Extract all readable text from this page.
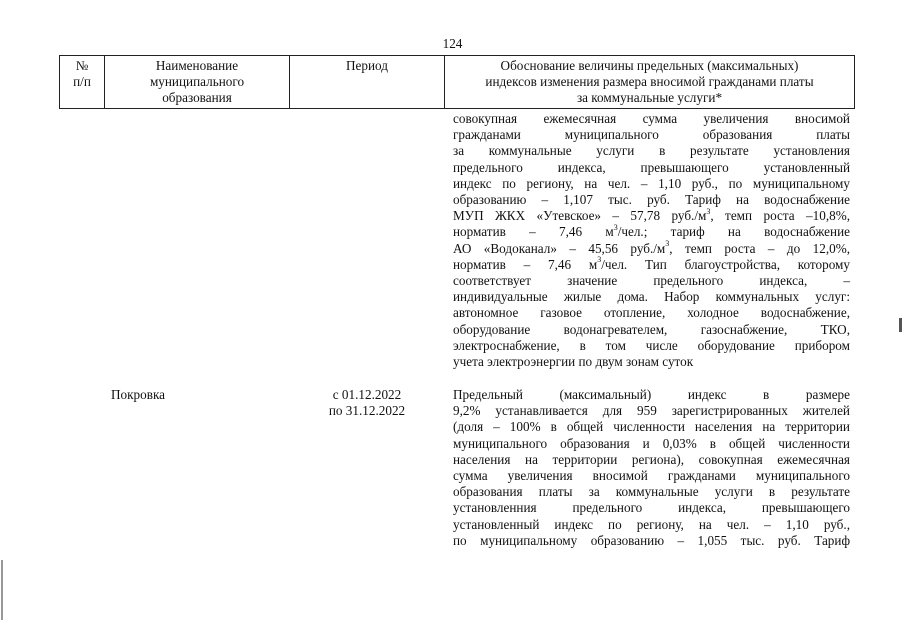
124
№
п/п
Наименование
муниципального
образования
Период	Обоснование величины предельных (максимальных)
индексов изменения размера вносимой гражданами платы
за коммунальные услуги*
совокупная ежемесячная сумма увеличения вносимой
гражданами муниципального образования платы
за коммунальные услуги в результате установления
предельного индекса, превышающего установленный
индекс по региону, на чел. – 1,10 руб., по муниципальному
образованию – 1,107 тыс. руб. Тариф на водоснабжение
МУП ЖКХ «Утевское» – 57,78 $руб./м^3$, темп роста –10,8%,
норматив – 7,46 $м^3$/чел.; тариф на водоснабжение
АО «Водоканал» – 45,56 $руб./м^3$, темп роста – до 12,0%,
норматив – 7,46 $м^3$/чел. Тип благоустройства, которому
соответствует значение предельного индекса, –
индивидуальные жилые дома. Набор коммунальных услуг:
автономное газовое отопление, холодное водоснабжение,
оборудование водонагревателем, газоснабжение, ТКО,
электроснабжение, в том числе оборудование прибором
учета электроэнергии по двум зонам суток
Покровка	с 01.12.2022
по 31.12.2022
Предельный (максимальный) индекс в размере
9,2% устанавливается для 959 зарегистрированных жителей
(доля – 100% в общей численности населения на территории
муниципального образования и 0,03% в общей численности
населения на территории региона), совокупная ежемесячная
сумма увеличения вносимой гражданами муниципального
образования платы за коммунальные услуги в результате
установленния предельного индекса, превышающего
установленный индекс по региону, на чел. – 1,10 руб.,
по муниципальному образованию – 1,055 тыс. руб. Тариф
